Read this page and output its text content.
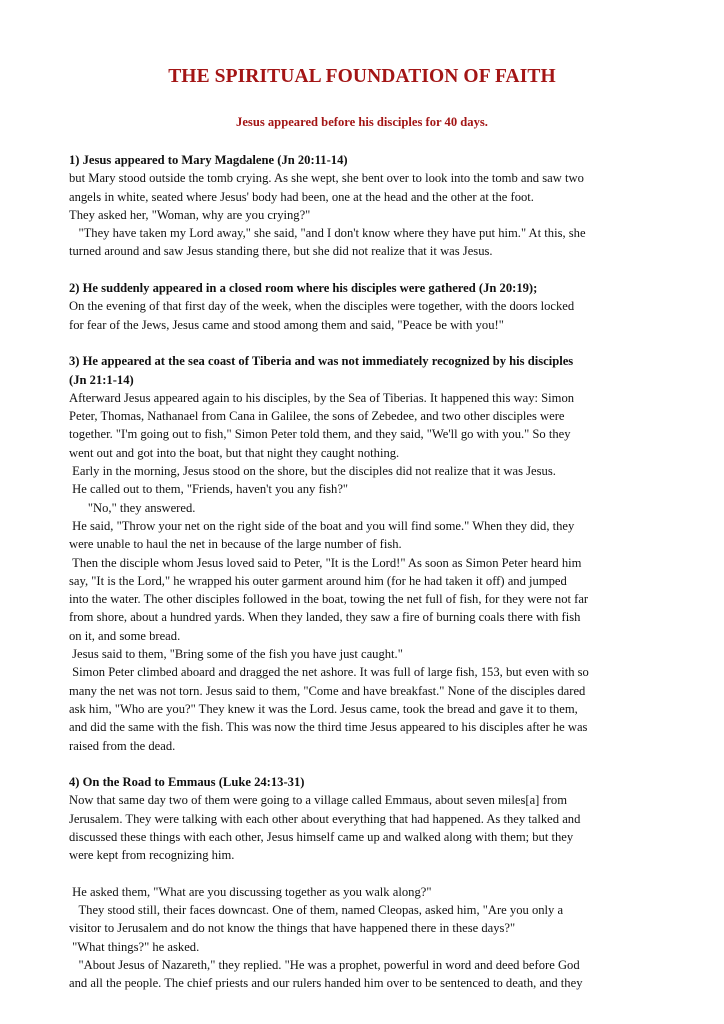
THE SPIRITUAL FOUNDATION OF FAITH
Jesus appeared before his disciples for 40 days.
1) Jesus appeared to Mary Magdalene (Jn 20:11-14)
but Mary stood outside the tomb crying. As she wept, she bent over to look into the tomb and saw two
angels in white, seated where Jesus' body had been, one at the head and the other at the foot.
They asked her, "Woman, why are you crying?"
"They have taken my Lord away," she said, "and I don't know where they have put him." At this, she
turned around and saw Jesus standing there, but she did not realize that it was Jesus.
2) He suddenly appeared in a closed room where his disciples were gathered (Jn 20:19);
On the evening of that first day of the week, when the disciples were together, with the doors locked
for fear of the Jews, Jesus came and stood among them and said, "Peace be with you!"
3) He appeared at the sea coast of Tiberia and was not immediately recognized by his disciples
(Jn 21:1-14)
Afterward Jesus appeared again to his disciples, by the Sea of Tiberias. It happened this way: Simon
Peter, Thomas, Nathanael from Cana in Galilee, the sons of Zebedee, and two other disciples were
together. "I'm going out to fish," Simon Peter told them, and they said, "We'll go with you." So they
went out and got into the boat, but that night they caught nothing.
Early in the morning, Jesus stood on the shore, but the disciples did not realize that it was Jesus.
He called out to them, "Friends, haven't you any fish?"
"No," they answered.
He said, "Throw your net on the right side of the boat and you will find some." When they did, they
were unable to haul the net in because of the large number of fish.
Then the disciple whom Jesus loved said to Peter, "It is the Lord!" As soon as Simon Peter heard him
say, "It is the Lord," he wrapped his outer garment around him (for he had taken it off) and jumped
into the water. The other disciples followed in the boat, towing the net full of fish, for they were not far
from shore, about a hundred yards. When they landed, they saw a fire of burning coals there with fish
on it, and some bread.
Jesus said to them, "Bring some of the fish you have just caught."
Simon Peter climbed aboard and dragged the net ashore. It was full of large fish, 153, but even with so
many the net was not torn. Jesus said to them, "Come and have breakfast." None of the disciples dared
ask him, "Who are you?" They knew it was the Lord. Jesus came, took the bread and gave it to them,
and did the same with the fish. This was now the third time Jesus appeared to his disciples after he was
raised from the dead.
4) On the Road to Emmaus (Luke 24:13-31)
Now that same day two of them were going to a village called Emmaus, about seven miles[a] from
Jerusalem. They were talking with each other about everything that had happened. As they talked and
discussed these things with each other, Jesus himself came up and walked along with them; but they
were kept from recognizing him.
He asked them, "What are you discussing together as you walk along?"
They stood still, their faces downcast. One of them, named Cleopas, asked him, "Are you only a
visitor to Jerusalem and do not know the things that have happened there in these days?"
"What things?" he asked.
"About Jesus of Nazareth," they replied. "He was a prophet, powerful in word and deed before God
and all the people. The chief priests and our rulers handed him over to be sentenced to death, and they
